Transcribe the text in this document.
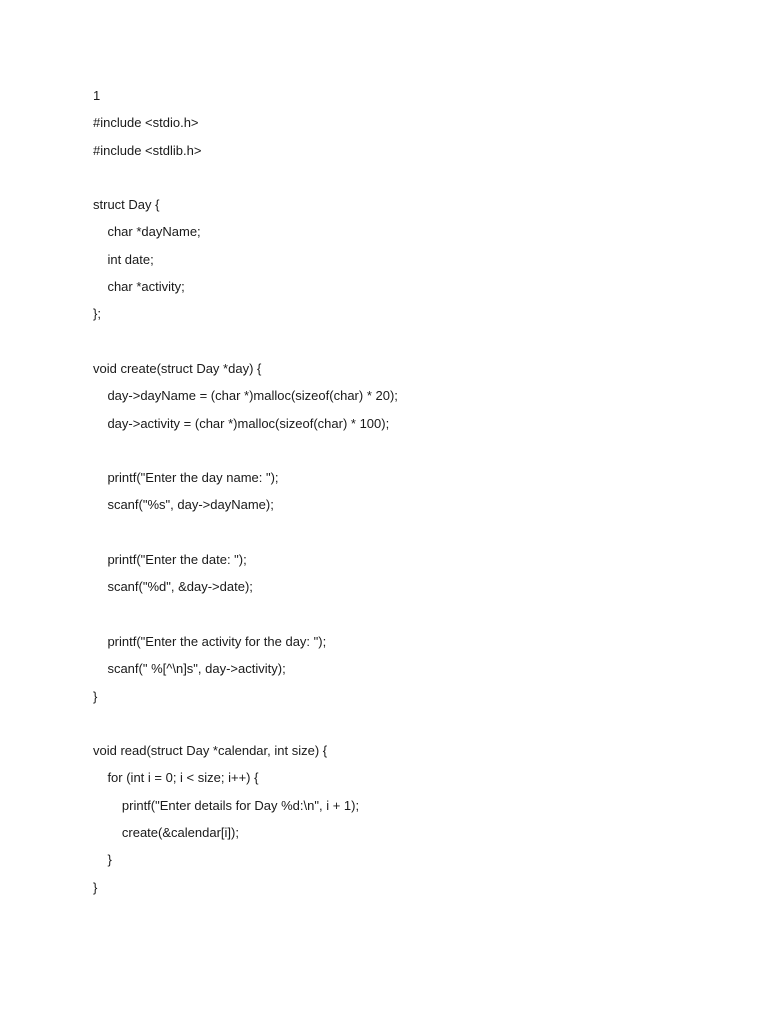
1
#include <stdio.h>
#include <stdlib.h>
struct Day {
char *dayName;
int date;
char *activity;
};
void create(struct Day *day) {
day->dayName = (char *)malloc(sizeof(char) * 20);
day->activity = (char *)malloc(sizeof(char) * 100);
printf("Enter the day name: ");
scanf("%s", day->dayName);
printf("Enter the date: ");
scanf("%d", &day->date);
printf("Enter the activity for the day: ");
scanf(" %[^\n]s", day->activity);
}
void read(struct Day *calendar, int size) {
for (int i = 0; i < size; i++) {
printf("Enter details for Day %d:\n", i + 1);
create(&calendar[i]);
}
}
